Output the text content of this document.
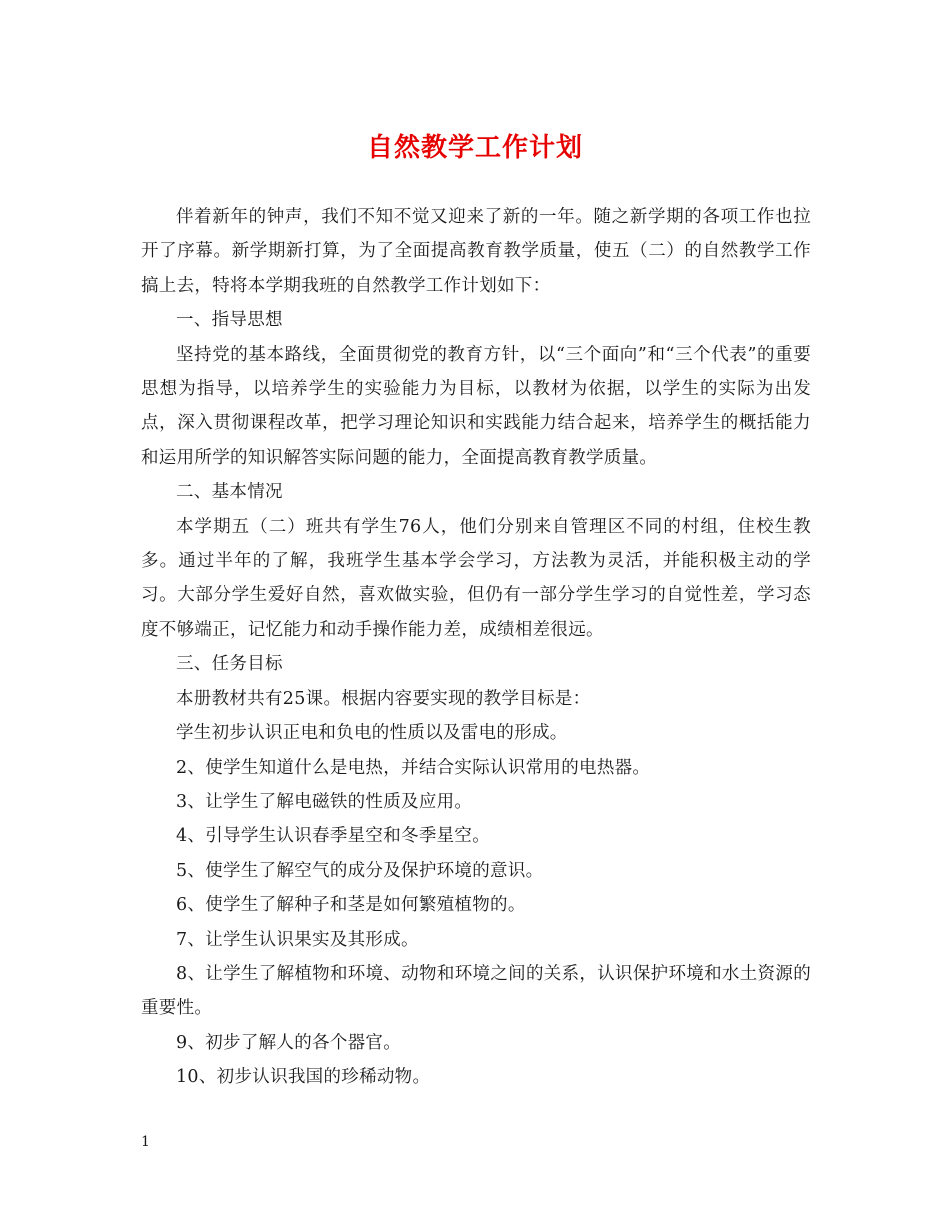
自然教学工作计划

伴着新年的钟声，我们不知不觉又迎来了新的一年。随之新学期的各项工作也拉开了序幕。新学期新打算，为了全面提高教育教学质量，使五（二）的自然教学工作搞上去，特将本学期我班的自然教学工作计划如下：

一、指导思想

坚持党的基本路线，全面贯彻党的教育方针，以“三个面向”和“三个代表”的重要思想为指导，以培养学生的实验能力为目标，以教材为依据，以学生的实际为出发点，深入贯彻课程改革，把学习理论知识和实践能力结合起来，培养学生的概括能力和运用所学的知识解答实际问题的能力，全面提高教育教学质量。

二、基本情况

本学期五（二）班共有学生76人，他们分别来自管理区不同的村组，住校生教多。通过半年的了解，我班学生基本学会学习，方法教为灵活，并能积极主动的学习。大部分学生爱好自然，喜欢做实验，但仍有一部分学生学习的自觉性差，学习态度不够端正，记忆能力和动手操作能力差，成绩相差很远。

三、任务目标

本册教材共有25课。根据内容要实现的教学目标是：

学生初步认识正电和负电的性质以及雷电的形成。

2、使学生知道什么是电热，并结合实际认识常用的电热器。

3、让学生了解电磁铁的性质及应用。

4、引导学生认识春季星空和冬季星空。

5、使学生了解空气的成分及保护环境的意识。

6、使学生了解种子和茎是如何繁殖植物的。

7、让学生认识果实及其形成。

8、让学生了解植物和环境、动物和环境之间的关系，认识保护环境和水土资源的重要性。

9、初步了解人的各个器官。

10、初步认识我国的珍稀动物。

1
